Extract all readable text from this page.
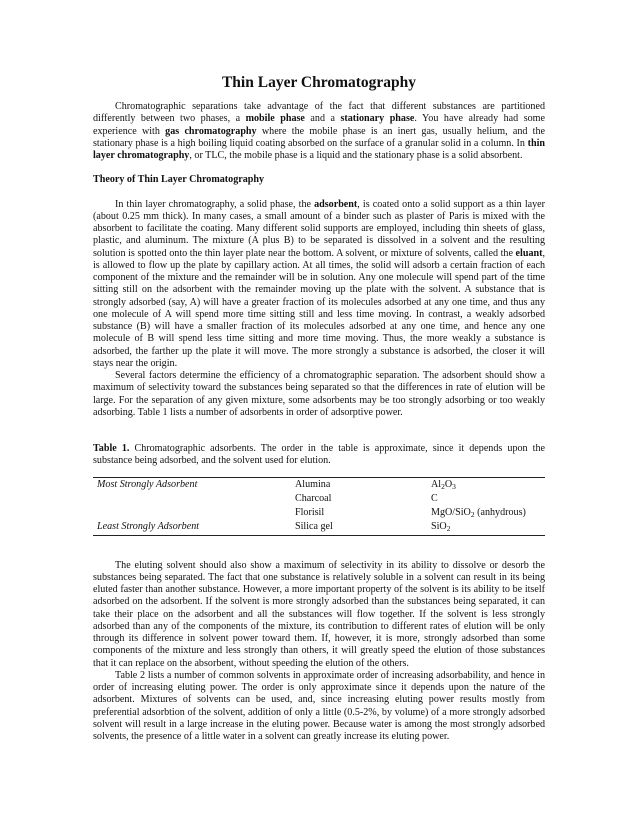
Thin Layer Chromatography

Chromatographic separations take advantage of the fact that different substances are partitioned differently between two phases, a mobile phase and a stationary phase. You have already had some experience with gas chromatography where the mobile phase is an inert gas, usually helium, and the stationary phase is a high boiling liquid coating absorbed on the surface of a granular solid in a column. In thin layer chromatography, or TLC, the mobile phase is a liquid and the stationary phase is a solid absorbent.

Theory of Thin Layer Chromatography

In thin layer chromatography, a solid phase, the adsorbent, is coated onto a solid support as a thin layer (about 0.25 mm thick). In many cases, a small amount of a binder such as plaster of Paris is mixed with the absorbent to facilitate the coating. Many different solid supports are employed, including thin sheets of glass, plastic, and aluminum. The mixture (A plus B) to be separated is dissolved in a solvent and the resulting solution is spotted onto the thin layer plate near the bottom. A solvent, or mixture of solvents, called the eluant, is allowed to flow up the plate by capillary action. At all times, the solid will adsorb a certain fraction of each component of the mixture and the remainder will be in solution. Any one molecule will spend part of the time sitting still on the adsorbent with the remainder moving up the plate with the solvent. A substance that is strongly adsorbed (say, A) will have a greater fraction of its molecules adsorbed at any one time, and thus any one molecule of A will spend more time sitting still and less time moving. In contrast, a weakly adsorbed substance (B) will have a smaller fraction of its molecules adsorbed at any one time, and hence any one molecule of B will spend less time sitting and more time moving. Thus, the more weakly a substance is adsorbed, the farther up the plate it will move. The more strongly a substance is adsorbed, the closer it will stays near the origin.

Several factors determine the efficiency of a chromatographic separation. The adsorbent should show a maximum of selectivity toward the substances being separated so that the differences in rate of elution will be large. For the separation of any given mixture, some adsorbents may be too strongly adsorbing or too weakly adsorbing. Table 1 lists a number of adsorbents in order of adsorptive power.

Table 1. Chromatographic adsorbents. The order in the table is approximate, since it depends upon the substance being adsorbed, and the solvent used for elution.

Most Strongly Adsorbent	Alumina	$Al_2O_3$
	Charcoal	C
	Florisil	MgO/SiO$_2$ (anhydrous)
Least Strongly Adsorbent	Silica gel	SiO$_2$

The eluting solvent should also show a maximum of selectivity in its ability to dissolve or desorb the substances being separated. The fact that one substance is relatively soluble in a solvent can result in its being eluted faster than another substance. However, a more important property of the solvent is its ability to be itself adsorbed on the adsorbent. If the solvent is more strongly adsorbed than the substances being separated, it can take their place on the adsorbent and all the substances will flow together. If the solvent is less strongly adsorbed than any of the components of the mixture, its contribution to different rates of elution will be only through its difference in solvent power toward them. If, however, it is more, strongly adsorbed than some components of the mixture and less strongly than others, it will greatly speed the elution of those substances that it can replace on the absorbent, without speeding the elution of the others.

Table 2 lists a number of common solvents in approximate order of increasing adsorbability, and hence in order of increasing eluting power. The order is only approximate since it depends upon the nature of the adsorbent. Mixtures of solvents can be used, and, since increasing eluting power results mostly from preferential adsorbtion of the solvent, addition of only a little (0.5-2%, by volume) of a more strongly adsorbed solvent will result in a large increase in the eluting power. Because water is among the most strongly adsorbed solvents, the presence of a little water in a solvent can greatly increase its eluting power.
